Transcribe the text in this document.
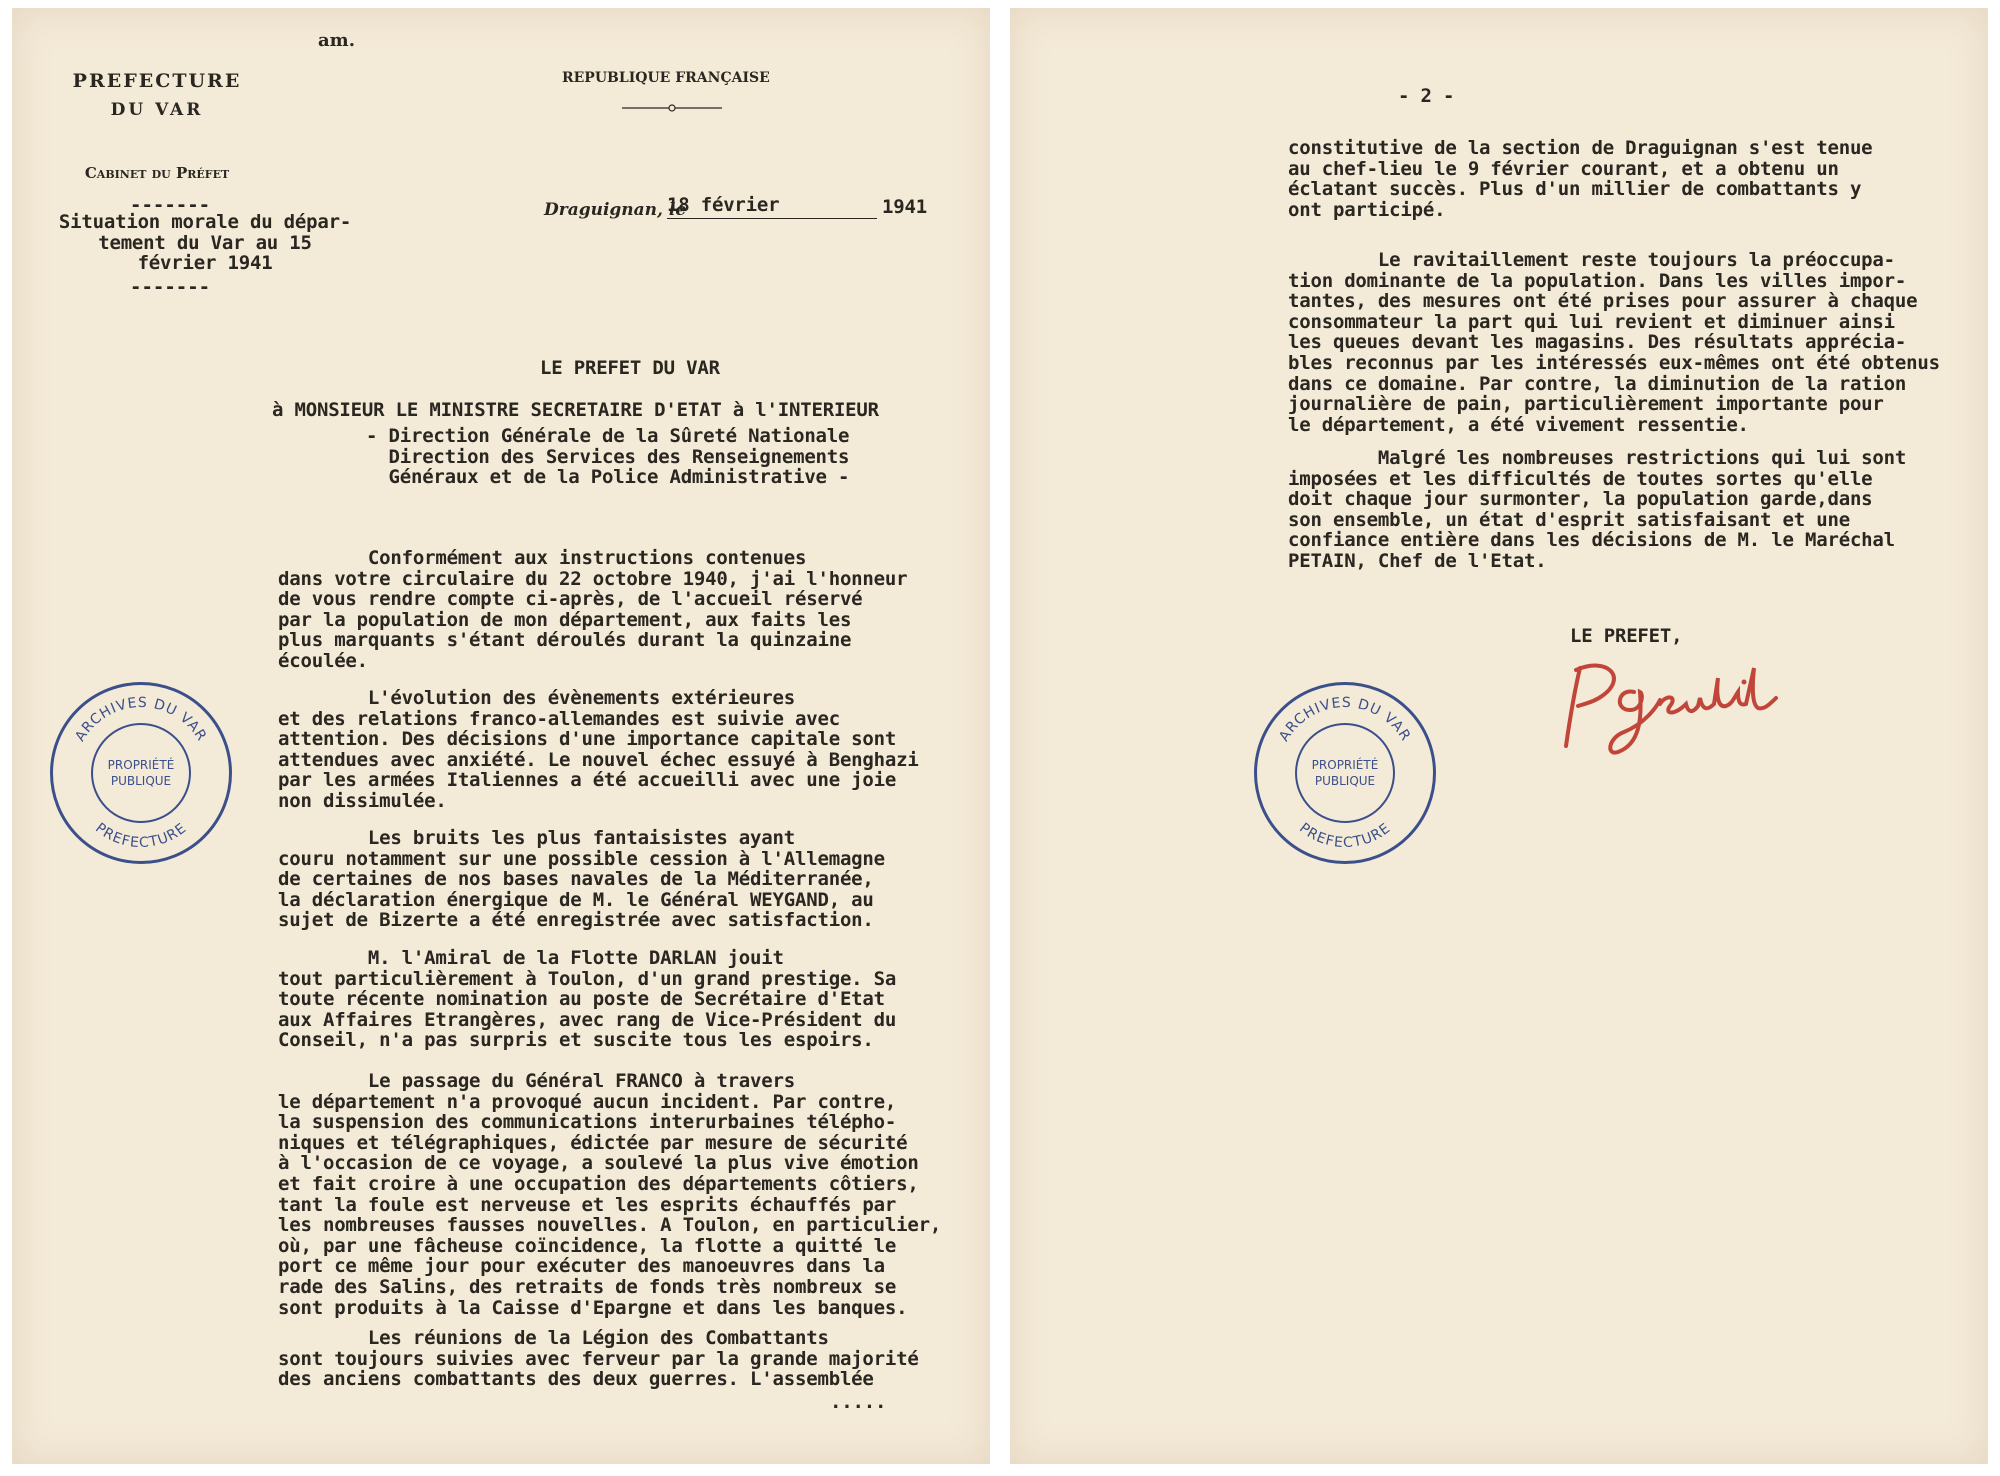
am.
PREFECTURE
DU VAR
Cabinet du Préfet
-------
Situation morale du dépar-
tement du Var au 15
février 1941
-------
REPUBLIQUE FRANÇAISE
Draguignan, le
18 février	1941
LE PREFET DU VAR
à MONSIEUR LE MINISTRE SECRETAIRE D'ETAT à l'INTERIEUR
- Direction Générale de la Sûreté Nationale
Direction des Services des Renseignements
Généraux et de la Police Administrative -
Conformément aux instructions contenues
dans votre circulaire du 22 octobre 1940, j'ai l'honneur
de vous rendre compte ci-après, de l'accueil réservé
par la population de mon département, aux faits les
plus marquants s'étant déroulés durant la quinzaine
écoulée.
L'évolution des évènements extérieures
et des relations franco-allemandes est suivie avec
attention. Des décisions d'une importance capitale sont
attendues avec anxiété. Le nouvel échec essuyé à Benghazi
par les armées Italiennes a été accueilli avec une joie
non dissimulée.
Les bruits les plus fantaisistes ayant
couru notamment sur une possible cession à l'Allemagne
de certaines de nos bases navales de la Méditerranée,
la déclaration énergique de M. le Général WEYGAND, au
sujet de Bizerte a été enregistrée avec satisfaction.
M. l'Amiral de la Flotte DARLAN jouit
tout particulièrement à Toulon, d'un grand prestige. Sa
toute récente nomination au poste de Secrétaire d'Etat
aux Affaires Etrangères, avec rang de Vice-Président du
Conseil, n'a pas surpris et suscite tous les espoirs.
Le passage du Général FRANCO à travers
le département n'a provoqué aucun incident. Par contre,
la suspension des communications interurbaines télépho-
niques et télégraphiques, édictée par mesure de sécurité
à l'occasion de ce voyage, a soulevé la plus vive émotion
et fait croire à une occupation des départements côtiers,
tant la foule est nerveuse et les esprits échauffés par
les nombreuses fausses nouvelles. A Toulon, en particulier,
où, par une fâcheuse coïncidence, la flotte a quitté le
port ce même jour pour exécuter des manoeuvres dans la
rade des Salins, des retraits de fonds très nombreux se
sont produits à la Caisse d'Epargne et dans les banques.
Les réunions de la Légion des Combattants
sont toujours suivies avec ferveur par la grande majorité
des anciens combattants des deux guerres. L'assemblée
.....
ARCHIVES DU VAR
PREFECTURE
PROPRIÉTÉ
PUBLIQUE
- 2 -
constitutive de la section de Draguignan s'est tenue
au chef-lieu le 9 février courant, et a obtenu un
éclatant succès. Plus d'un millier de combattants y
ont participé.
Le ravitaillement reste toujours la préoccupa-
tion dominante de la population. Dans les villes impor-
tantes, des mesures ont été prises pour assurer à chaque
consommateur la part qui lui revient et diminuer ainsi
les queues devant les magasins. Des résultats apprécia-
bles reconnus par les intéressés eux-mêmes ont été obtenus
dans ce domaine. Par contre, la diminution de la ration
journalière de pain, particulièrement importante pour
le département, a été vivement ressentie.
Malgré les nombreuses restrictions qui lui sont
imposées et les difficultés de toutes sortes qu'elle
doit chaque jour surmonter, la population garde,dans
son ensemble, un état d'esprit satisfaisant et une
confiance entière dans les décisions de M. le Maréchal
PETAIN, Chef de l'Etat.
LE PREFET,
PGentil
ARCHIVES DU VAR
PREFECTURE
PROPRIÉTÉ
PUBLIQUE
